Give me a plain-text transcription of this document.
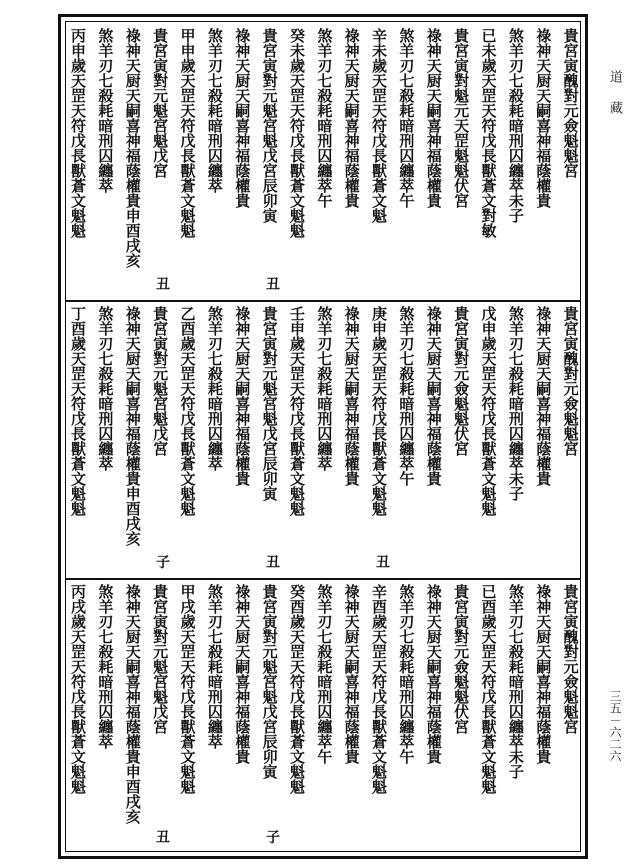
道藏
三五－六二六
貴宮寅醜對元僉魁魁宮
祿神天厨天嗣喜神福蔭權貴
煞羊刃七殺耗暗刑囚纏萃未子
已未歲天罡天符戊長獸蒼文對敏
貴宮寅對魁元天罡魁魁伏宮
祿神天厨天嗣喜神福蔭權貴
煞羊刃七殺耗暗刑囚纏萃午
辛未歲天罡天符戊長獸蒼文魁
祿神天厨天嗣喜神福蔭權貴
煞羊刃七殺耗暗刑囚纏萃午
癸未歲天罡天符戊長獸蒼文魁魁
貴宮寅對元魁宮魁戊宮辰卯寅
祿神天厨天嗣喜神福蔭權貴
煞羊刃七殺耗暗刑囚纏萃
甲申歲天罡天符戊長獸蒼文魁魁
貴宮寅對元魁宮魁戊宮
祿神天厨天嗣喜神福蔭權貴申酉戌亥
煞羊刃七殺耗暗刑囚纏萃
丙申歲天罡天符戊長獸蒼文魁魁
丑	丑
貴宮寅醜對元僉魁魁宮
祿神天厨天嗣喜神福蔭權貴
煞羊刃七殺耗暗刑囚纏萃未子
戊申歲天罡天符戊長獸蒼文魁魁
貴宮寅對元僉魁魁伏宮
祿神天厨天嗣喜神福蔭權貴
煞羊刃七殺耗暗刑囚纏萃午
庚申歲天罡天符戊長獸蒼文魁魁
祿神天厨天嗣喜神福蔭權貴
煞羊刃七殺耗暗刑囚纏萃
壬申歲天罡天符戊長獸蒼文魁魁
貴宮寅對元魁宮魁戊宮辰卯寅
祿神天厨天嗣喜神福蔭權貴
煞羊刃七殺耗暗刑囚纏萃
乙酉歲天罡天符戊長獸蒼文魁魁
貴宮寅對元魁宮魁戊宮
祿神天厨天嗣喜神福蔭權貴申酉戌亥
煞羊刃七殺耗暗刑囚纏萃
丁酉歲天罡天符戊長獸蒼文魁魁
子	丑	丑
貴宮寅醜對元僉魁魁宮
祿神天厨天嗣喜神福蔭權貴
煞羊刃七殺耗暗刑囚纏萃未子
已酉歲天罡天符戊長獸蒼文魁魁
貴宮寅對元僉魁魁伏宮
祿神天厨天嗣喜神福蔭權貴
煞羊刃七殺耗暗刑囚纏萃午
辛酉歲天罡天符戊長獸蒼文魁魁
祿神天厨天嗣喜神福蔭權貴
煞羊刃七殺耗暗刑囚纏萃午
癸酉歲天罡天符戊長獸蒼文魁魁
貴宮寅對元魁宮魁戊宮辰卯寅
祿神天厨天嗣喜神福蔭權貴
煞羊刃七殺耗暗刑囚纏萃
甲戌歲天罡天符戊長獸蒼文魁魁
貴宮寅對元魁宮魁戊宮
祿神天厨天嗣喜神福蔭權貴申酉戌亥
煞羊刃七殺耗暗刑囚纏萃
丙戌歲天罡天符戊長獸蒼文魁魁
丑	子
